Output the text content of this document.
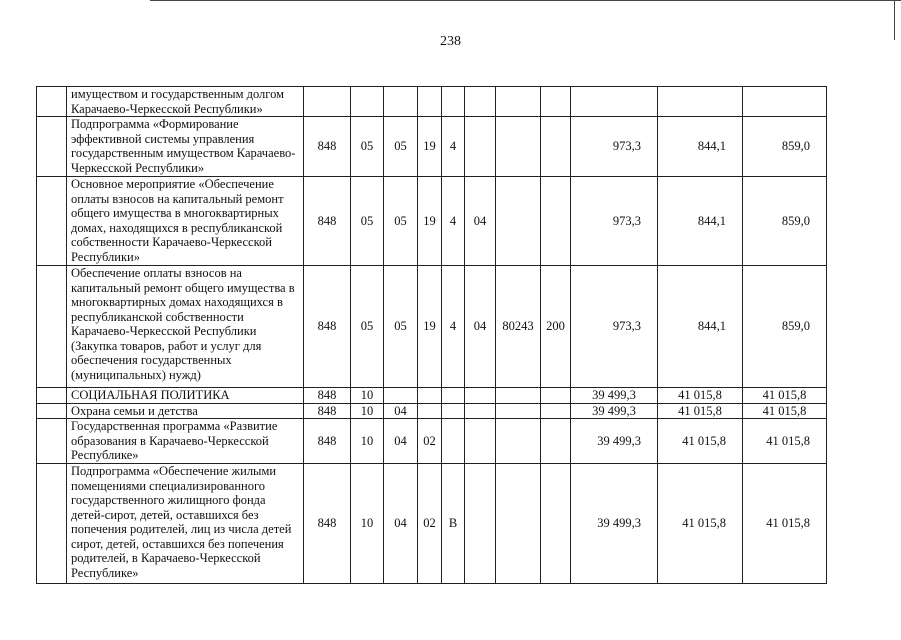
238
	имуществом и государственным долгом Карачаево-Черкесской Республики»											
	Подпрограмма «Формирование эффективной системы управления государственным имуществом Карачаево-Черкесской Республики»	848	05	05	19	4				973,3	844,1	859,0
	Основное мероприятие «Обеспечение оплаты взносов на капитальный ремонт общего имущества в многоквартирных домах, находящихся в республиканской собственности Карачаево-Черкесской Республики»	848	05	05	19	4	04			973,3	844,1	859,0
	Обеспечение оплаты взносов на капитальный ремонт общего имущества в многоквартирных домах находящихся в республиканской собственности Карачаево-Черкесской Республики (Закупка товаров, работ и услуг для обеспечения государственных (муниципальных) нужд)	848	05	05	19	4	04	80243	200	973,3	844,1	859,0
	СОЦИАЛЬНАЯ ПОЛИТИКА	848	10							39 499,3	41 015,8	41 015,8
	Охрана семьи и детства	848	10	04						39 499,3	41 015,8	41 015,8
	Государственная программа «Развитие образования в Карачаево-Черкесской Республике»	848	10	04	02					39 499,3	41 015,8	41 015,8
	Подпрограмма «Обеспечение жилыми помещениями специализированного государственного жилищного фонда детей-сирот, детей, оставшихся без попечения родителей, лиц из числа детей сирот, детей, оставшихся без попечения родителей, в Карачаево-Черкесской Республике»	848	10	04	02	В				39 499,3	41 015,8	41 015,8
